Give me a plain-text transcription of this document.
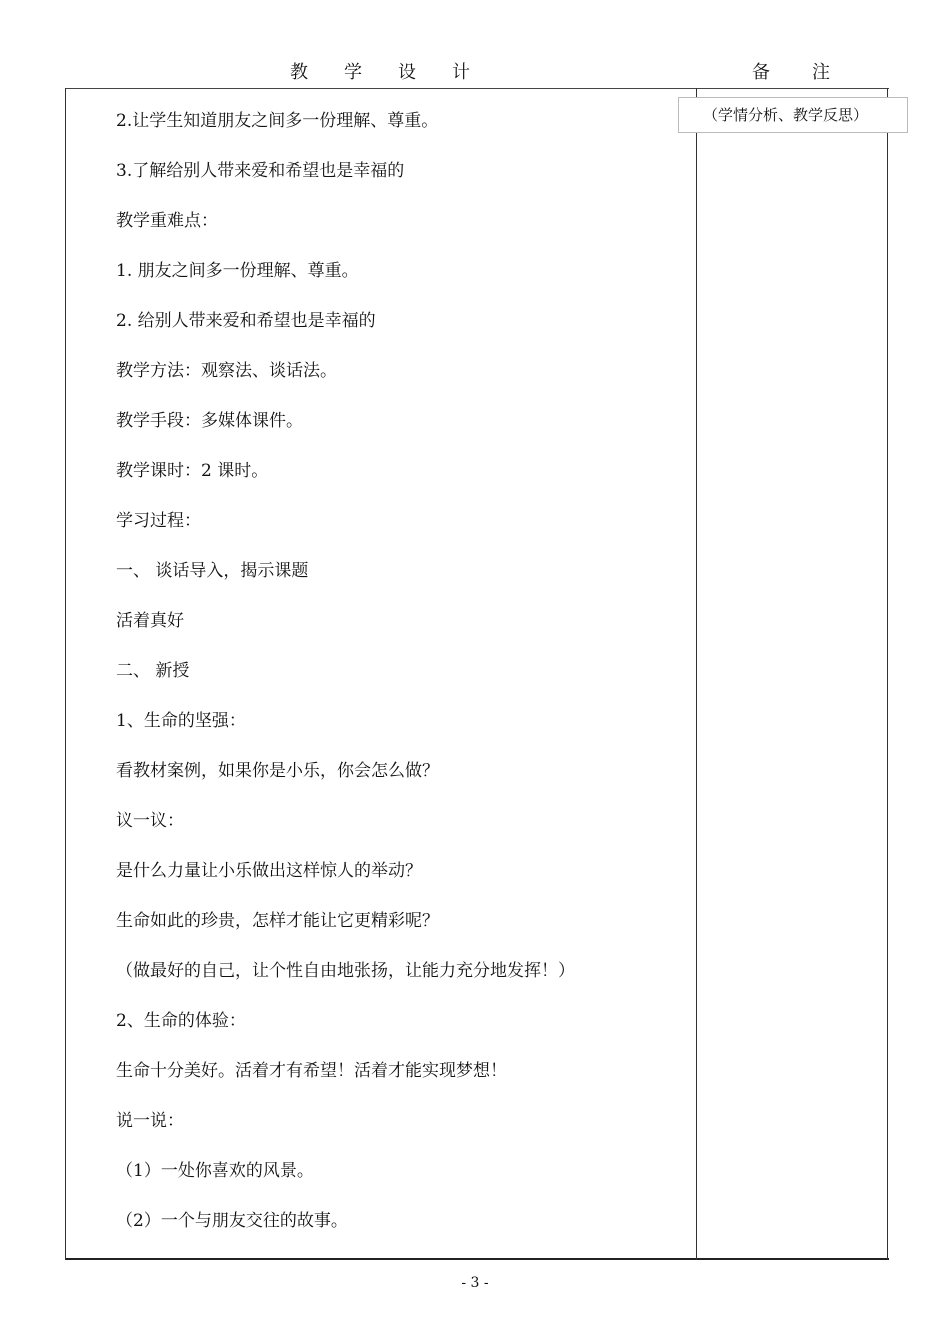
教学设计	备注
（学情分析、教学反思）
2.让学生知道朋友之间多一份理解、尊重。
3.了解给别人带来爱和希望也是幸福的
教学重难点：
1. 朋友之间多一份理解、尊重。
2. 给别人带来爱和希望也是幸福的
教学方法：观察法、谈话法。
教学手段：多媒体课件。
教学课时：2 课时。
学习过程：
一、 谈话导入，揭示课题
活着真好
二、 新授
1、生命的坚强：
看教材案例，如果你是小乐，你会怎么做？
议一议：
是什么力量让小乐做出这样惊人的举动？
生命如此的珍贵，怎样才能让它更精彩呢？
（做最好的自己，让个性自由地张扬，让能力充分地发挥！）
2、生命的体验：
生命十分美好。活着才有希望！活着才能实现梦想！
说一说：
（1）一处你喜欢的风景。
（2）一个与朋友交往的故事。
- 3 -
